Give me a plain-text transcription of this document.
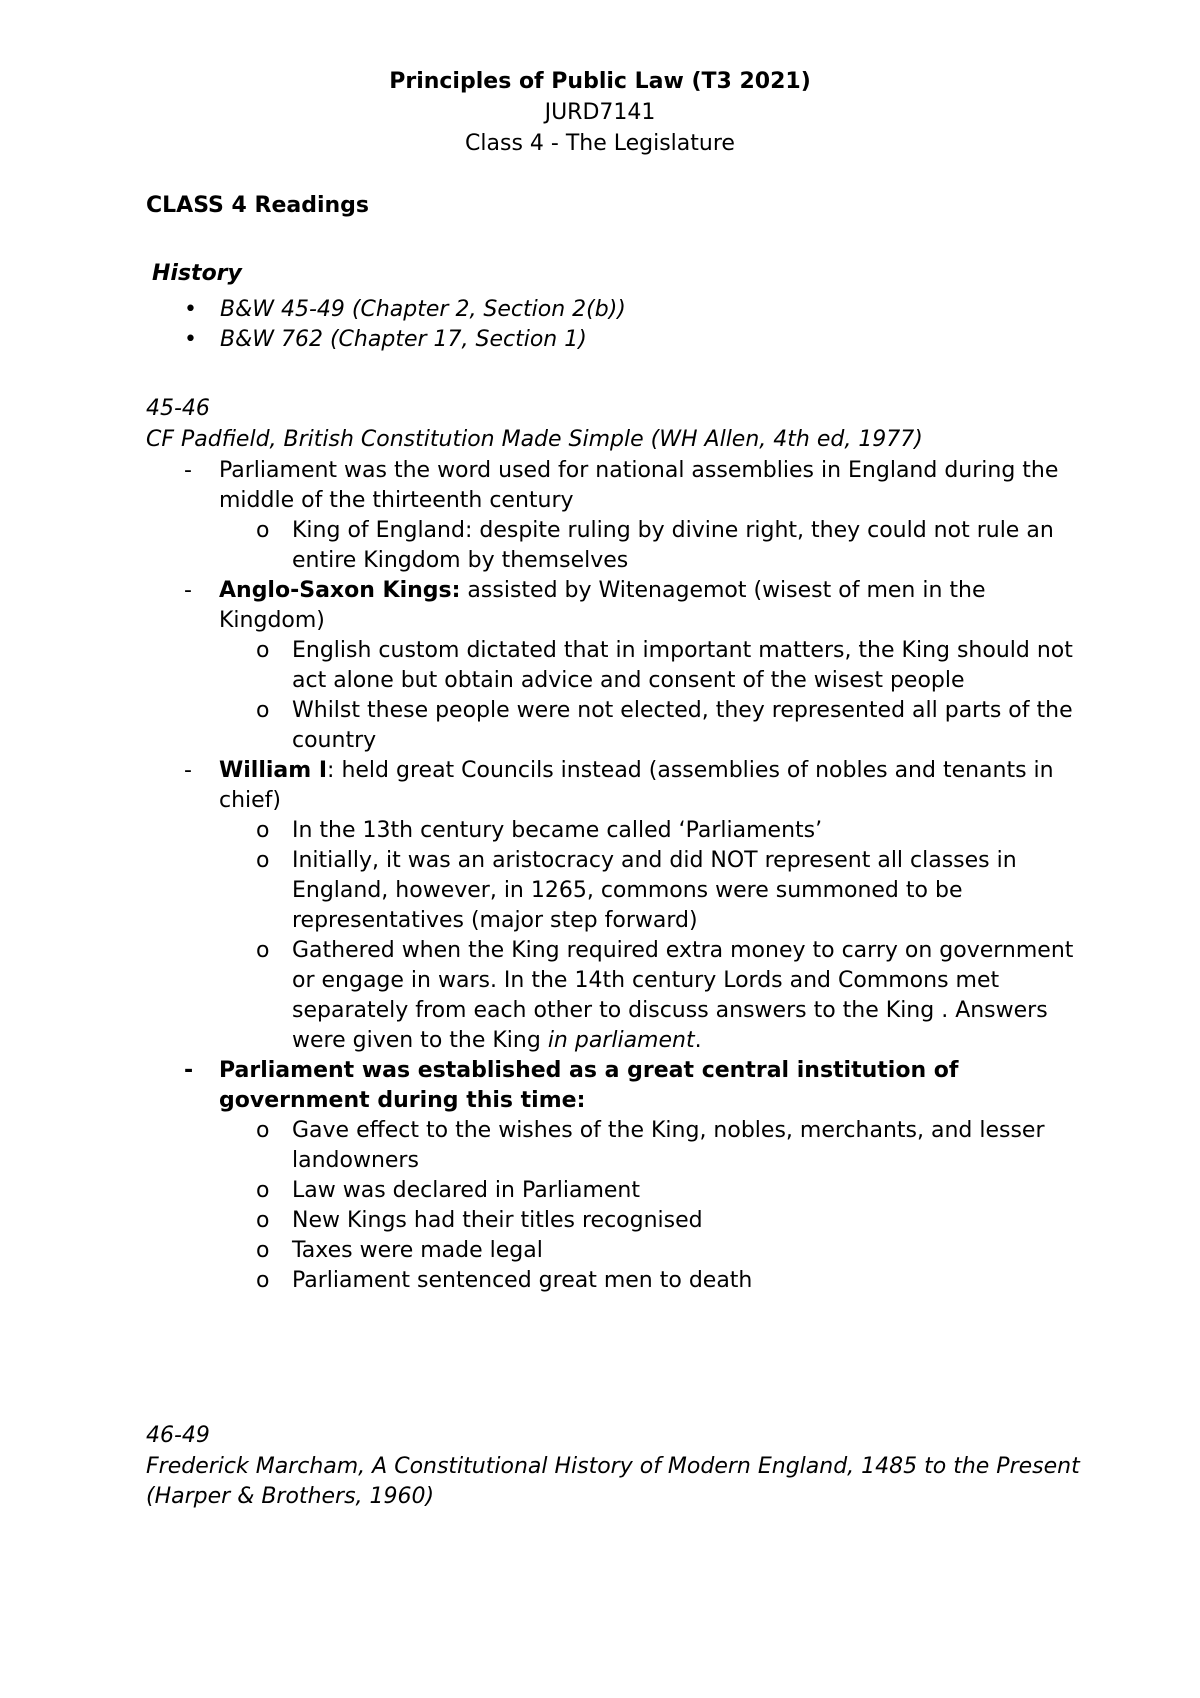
Principles of Public Law (T3 2021)
JURD7141
Class 4 - The Legislature
CLASS 4 Readings
History
• B&W 45-49 (Chapter 2, Section 2(b))
• B&W 762 (Chapter 17, Section 1)
45-46
CF Padfield, British Constitution Made Simple (WH Allen, 4th ed, 1977)
- Parliament was the word used for national assemblies in England during the middle of the thirteenth century
o King of England: despite ruling by divine right, they could not rule an entire Kingdom by themselves
- Anglo-Saxon Kings: assisted by Witenagemot (wisest of men in the Kingdom)
o English custom dictated that in important matters, the King should not act alone but obtain advice and consent of the wisest people
o Whilst these people were not elected, they represented all parts of the country
- William I: held great Councils instead (assemblies of nobles and tenants in chief)
o In the 13th century became called ‘Parliaments’
o Initially, it was an aristocracy and did NOT represent all classes in England, however, in 1265, commons were summoned to be representatives (major step forward)
o Gathered when the King required extra money to carry on government or engage in wars. In the 14th century Lords and Commons met separately from each other to discuss answers to the King . Answers were given to the King in parliament.
- Parliament was established as a great central institution of government during this time:
o Gave effect to the wishes of the King, nobles, merchants, and lesser landowners
o Law was declared in Parliament
o New Kings had their titles recognised
o Taxes were made legal
o Parliament sentenced great men to death
46-49
Frederick Marcham, A Constitutional History of Modern England, 1485 to the Present (Harper & Brothers, 1960)
